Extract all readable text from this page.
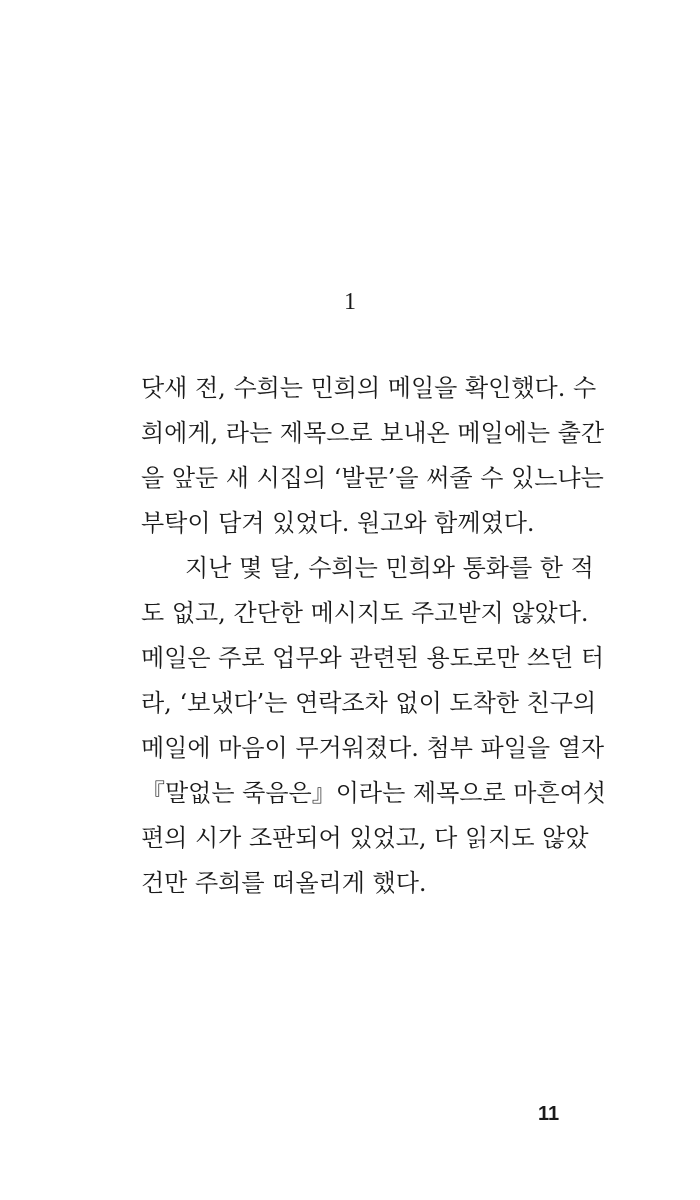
1
닷새 전, 수희는 민희의 메일을 확인했다. 수
희에게, 라는 제목으로 보내온 메일에는 출간
을 앞둔 새 시집의 ‘발문’을 써줄 수 있느냐는
부탁이 담겨 있었다. 원고와 함께였다.
지난 몇 달, 수희는 민희와 통화를 한 적
도 없고, 간단한 메시지도 주고받지 않았다.
메일은 주로 업무와 관련된 용도로만 쓰던 터
라, ‘보냈다’는 연락조차 없이 도착한 친구의
메일에 마음이 무거워졌다. 첨부 파일을 열자
『말없는 죽음은』이라는 제목으로 마흔여섯
편의 시가 조판되어 있었고, 다 읽지도 않았
건만 주희를 떠올리게 했다.
11
